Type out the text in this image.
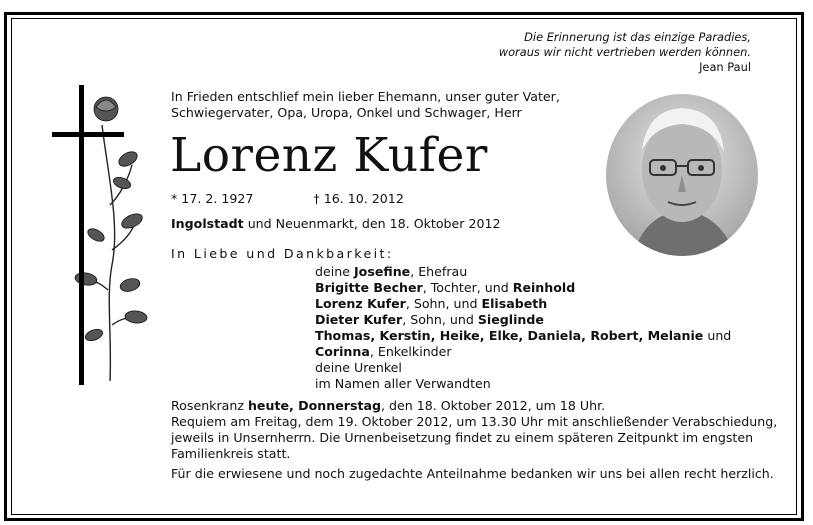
Die Erinnerung ist das einzige Paradies,
woraus wir nicht vertrieben werden können.
Jean Paul
In Frieden entschlief mein lieber Ehemann, unser guter Vater,
Schwiegervater, Opa, Uropa, Onkel und Schwager, Herr
Lorenz Kufer
* 17. 2. 1927	† 16. 10. 2012
Ingolstadt und Neuenmarkt, den 18. Oktober 2012
In Liebe und Dankbarkeit:
deine Josefine, Ehefrau
Brigitte Becher, Tochter, und Reinhold
Lorenz Kufer, Sohn, und Elisabeth
Dieter Kufer, Sohn, und Sieglinde
Thomas, Kerstin, Heike, Elke, Daniela, Robert, Melanie und
Corinna, Enkelkinder
deine Urenkel
im Namen aller Verwandten
Rosenkranz heute, Donnerstag, den 18. Oktober 2012, um 18 Uhr.
Requiem am Freitag, dem 19. Oktober 2012, um 13.30 Uhr mit anschließender Verabschiedung, jeweils in Unsernherrn. Die Urnenbeisetzung findet zu einem späteren Zeitpunkt im engsten Familienkreis statt.
Für die erwiesene und noch zugedachte Anteilnahme bedanken wir uns bei allen recht herzlich.
